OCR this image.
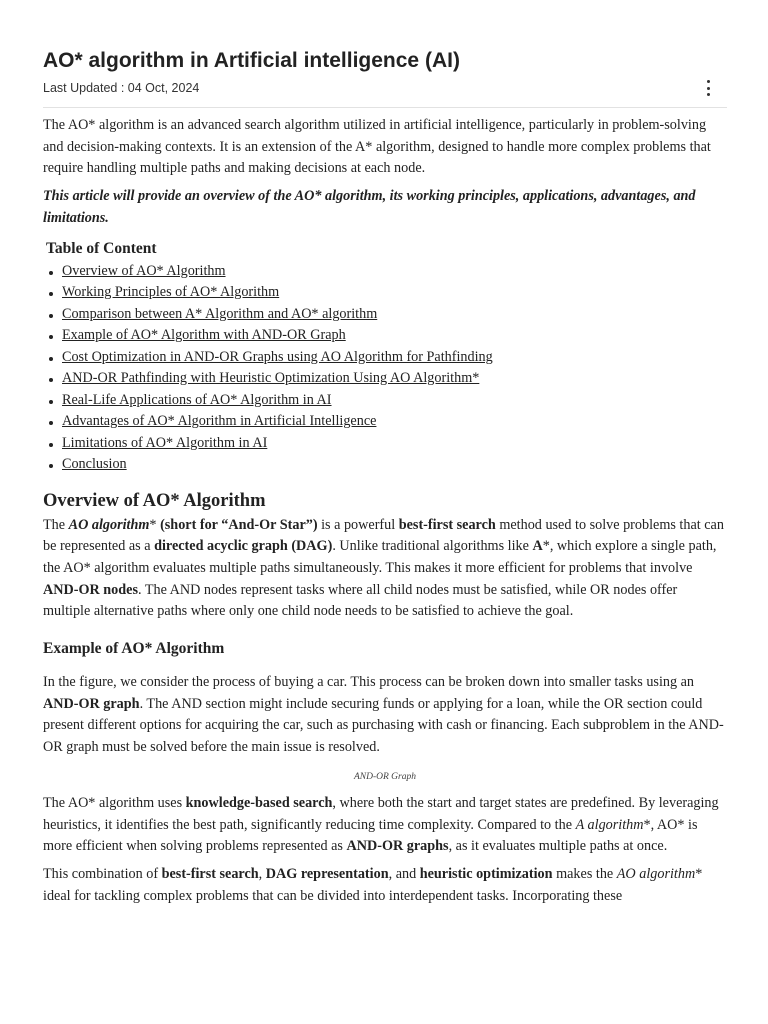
AO* algorithm in Artificial intelligence (AI)
Last Updated : 04 Oct, 2024

The AO* algorithm is an advanced search algorithm utilized in artificial intelligence, particularly in problem-solving and decision-making contexts. It is an extension of the A* algorithm, designed to handle more complex problems that require handling multiple paths and making decisions at each node.

This article will provide an overview of the AO* algorithm, its working principles, applications, advantages, and limitations.

Table of Content
Overview of AO* Algorithm
Working Principles of AO* Algorithm
Comparison between A* Algorithm and AO* algorithm
Example of AO* Algorithm with AND-OR Graph
Cost Optimization in AND-OR Graphs using AO Algorithm for Pathfinding
AND-OR Pathfinding with Heuristic Optimization Using AO Algorithm*
Real-Life Applications of AO* Algorithm in AI
Advantages of AO* Algorithm in Artificial Intelligence
Limitations of AO* Algorithm in AI
Conclusion
Overview of AO* Algorithm

The AO algorithm* (short for “And-Or Star”) is a powerful best-first search method used to solve problems that can be represented as a directed acyclic graph (DAG). Unlike traditional algorithms like A*, which explore a single path, the AO* algorithm evaluates multiple paths simultaneously. This makes it more efficient for problems that involve AND-OR nodes. The AND nodes represent tasks where all child nodes must be satisfied, while OR nodes offer multiple alternative paths where only one child node needs to be satisfied to achieve the goal.

Example of AO* Algorithm

In the figure, we consider the process of buying a car. This process can be broken down into smaller tasks using an AND-OR graph. The AND section might include securing funds or applying for a loan, while the OR section could present different options for acquiring the car, such as purchasing with cash or financing. Each subproblem in the AND-OR graph must be solved before the main issue is resolved.

AND-OR Graph

The AO* algorithm uses knowledge-based search, where both the start and target states are predefined. By leveraging heuristics, it identifies the best path, significantly reducing time complexity. Compared to the A algorithm*, AO* is more efficient when solving problems represented as AND-OR graphs, as it evaluates multiple paths at once.

This combination of best-first search, DAG representation, and heuristic optimization makes the AO algorithm* ideal for tackling complex problems that can be divided into interdependent tasks. Incorporating these
